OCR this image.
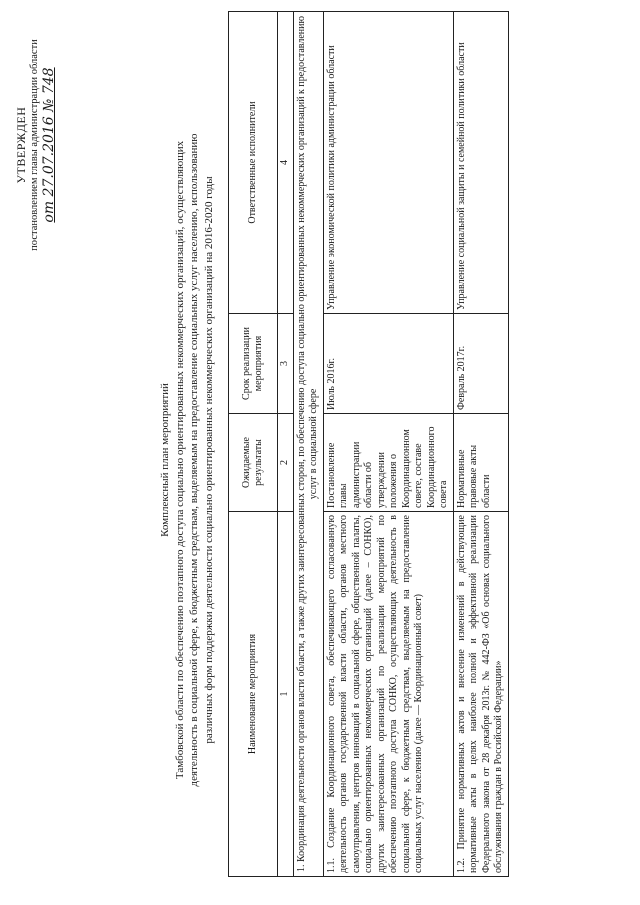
УТВЕРЖДЕН постановлением главы администрации области от 27.07.2016 № 748
Комплексный план мероприятий Тамбовской области по обеспечению поэтапного доступа социально ориентированных некоммерческих организаций, осуществляющих деятельность в социальной сфере, к бюджетным средствам, выделяемым на предоставление социальных услуг населению, использованию различных форм поддержки деятельности социально ориентированных некоммерческих организаций на 2016-2020 годы	Наименование мероприятия	Ожидаемые результаты	Срок реализации мероприятия	Ответственные исполнители
1	2	3	4
1. Координация деятельности органов власти области, а также других заинтересованных сторон, по обеспечению доступа социально ориентированных некоммерческих организаций к предоставлению услуг в социальной сфере			
1.1. Создание Координационного совета, обеспечивающего согласованную деятельность органов государственной власти области, органов местного самоуправления, центров инноваций в социальной сфере, общественной палаты, социально ориентированных некоммерческих организаций (далее – СОНКО), других заинтересованных организаций по реализации мероприятий по обеспечению поэтапного доступа СОНКО, осуществляющих деятельность в социальной сфере, к бюджетным средствам, выделяемым на предоставление социальных услуг населению (далее — Координационный совет)	Постановление главы администрации области об утверждении положения о Координационном совете, составе Координационного совета	Июль 2016г.	Управление экономической политики администрации области
1.2. Принятие нормативных актов и внесение изменений в действующие нормативные акты в целях наиболее полной и эффективной реализации Федерального закона от 28 декабря 2013г. № 442-ФЗ «Об основах социального обслуживания граждан в Российской Федерации»	Нормативные правовые акты области	Февраль 2017г.	Управление социальной защиты и семейной политики области
